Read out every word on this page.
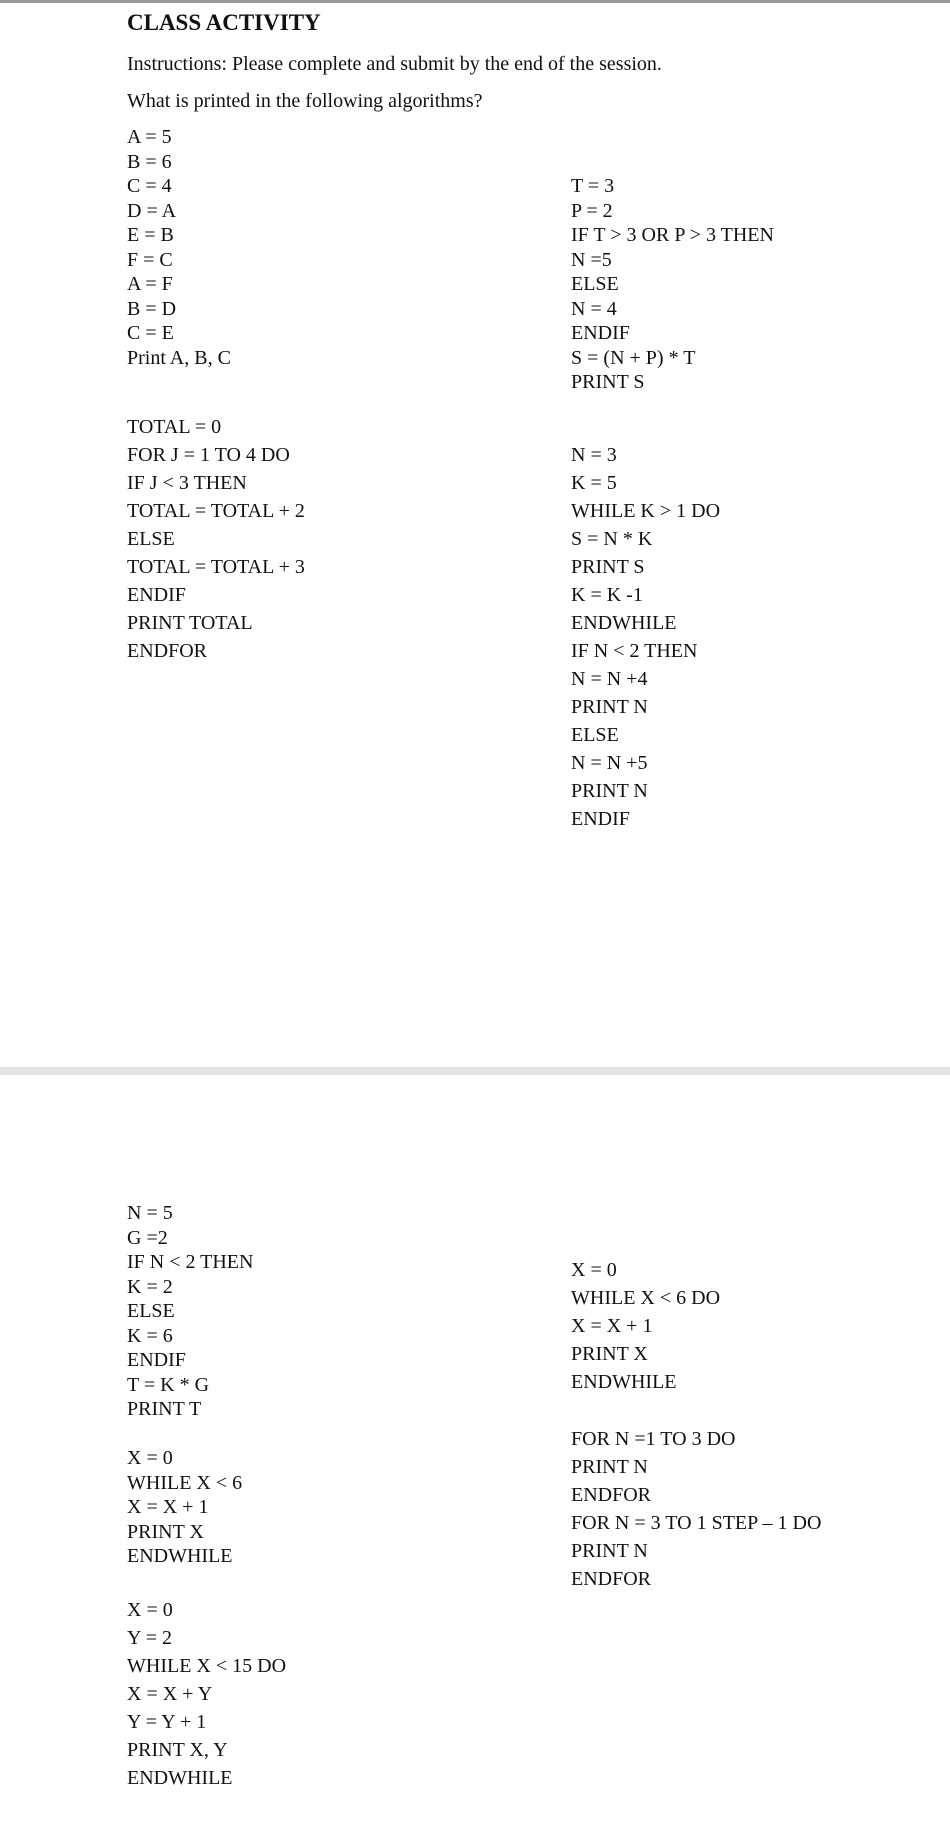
CLASS ACTIVITY

Instructions: Please complete and submit by the end of the session.

What is printed in the following algorithms?

A = 5
B = 6
C = 4
D = A
E = B
F = C
A = F
B = D
C = E
Print A, B, C
T = 3
P = 2
IF T > 3 OR P > 3 THEN
N =5
ELSE
N = 4
ENDIF
S = (N + P) * T
PRINT S
TOTAL = 0
FOR J = 1 TO 4 DO
IF J < 3 THEN
TOTAL = TOTAL + 2
ELSE
TOTAL = TOTAL + 3
ENDIF
PRINT TOTAL
ENDFOR
N = 3
K = 5
WHILE K > 1 DO
S = N * K
PRINT S
K = K -1
ENDWHILE
IF N < 2 THEN
N = N +4
PRINT N
ELSE
N = N +5
PRINT N
ENDIF
N = 5
G =2
IF N < 2 THEN
K = 2
ELSE
K = 6
ENDIF
T = K * G
PRINT T
X = 0
WHILE X < 6
X = X + 1
PRINT X
ENDWHILE
X = 0
Y = 2
WHILE X < 15 DO
X = X + Y
Y = Y + 1
PRINT X, Y
ENDWHILE
X = 0
WHILE X < 6 DO
X = X + 1
PRINT X
ENDWHILE
FOR N =1 TO 3 DO
PRINT N
ENDFOR
FOR N = 3 TO 1 STEP – 1 DO
PRINT N
ENDFOR
